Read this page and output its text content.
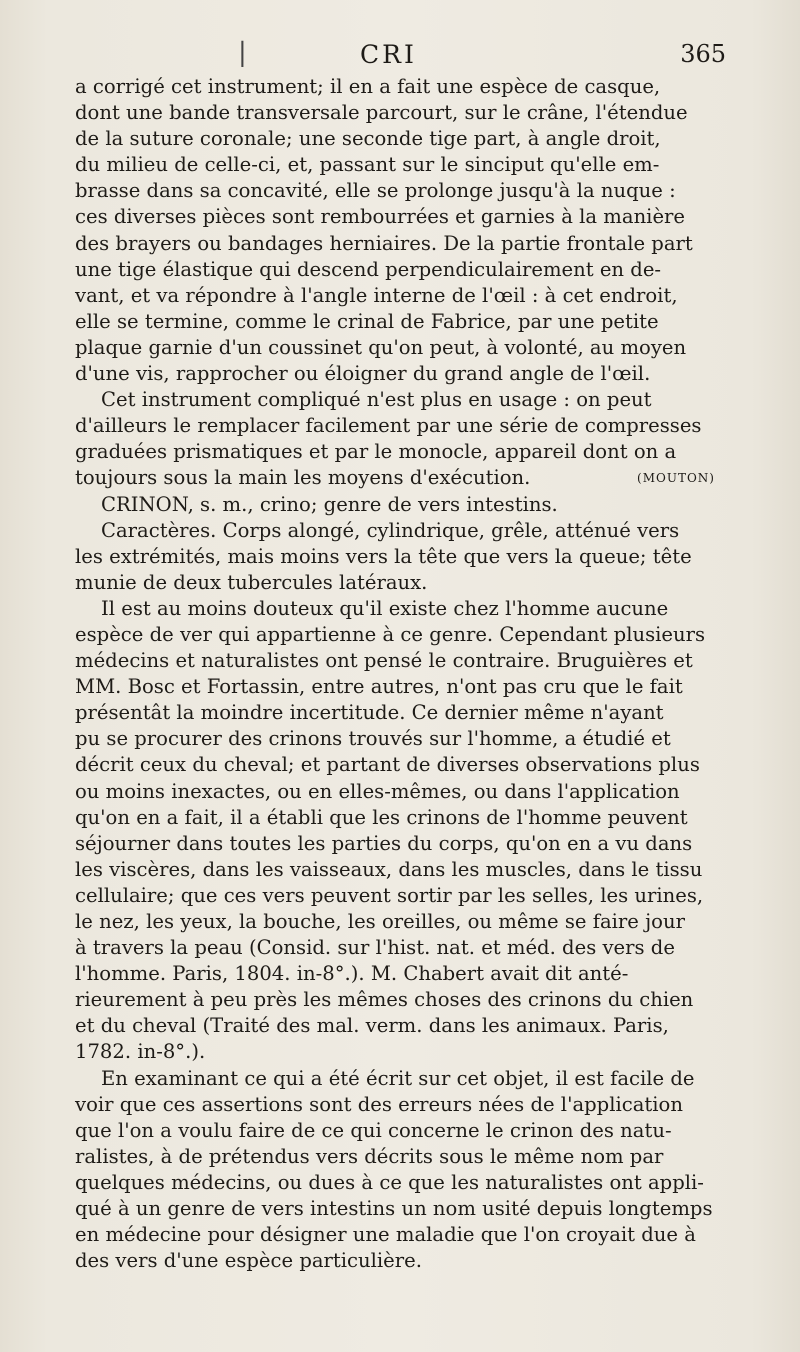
|	CRI	365
a corrigé cet instrument; il en a fait une espèce de casque,
dont une bande transversale parcourt, sur le crâne, l'étendue
de la suture coronale; une seconde tige part, à angle droit,
du milieu de celle-ci, et, passant sur le sinciput qu'elle em-
brasse dans sa concavité, elle se prolonge jusqu'à la nuque :
ces diverses pièces sont rembourrées et garnies à la manière
des brayers ou bandages herniaires. De la partie frontale part
une tige élastique qui descend perpendiculairement en de-
vant, et va répondre à l'angle interne de l'œil : à cet endroit,
elle se termine, comme le crinal de Fabrice, par une petite
plaque garnie d'un coussinet qu'on peut, à volonté, au moyen
d'une vis, rapprocher ou éloigner du grand angle de l'œil.
Cet instrument compliqué n'est plus en usage : on peut
d'ailleurs le remplacer facilement par une série de compresses
graduées prismatiques et par le monocle, appareil dont on a
toujours sous la main les moyens d'exécution.	(MOUTON)
CRINON, s. m., crino; genre de vers intestins.
Caractères. Corps alongé, cylindrique, grêle, atténué vers
les extrémités, mais moins vers la tête que vers la queue; tête
munie de deux tubercules latéraux.
Il est au moins douteux qu'il existe chez l'homme aucune
espèce de ver qui appartienne à ce genre. Cependant plusieurs
médecins et naturalistes ont pensé le contraire. Bruguières et
MM. Bosc et Fortassin, entre autres, n'ont pas cru que le fait
présentât la moindre incertitude. Ce dernier même n'ayant
pu se procurer des crinons trouvés sur l'homme, a étudié et
décrit ceux du cheval; et partant de diverses observations plus
ou moins inexactes, ou en elles-mêmes, ou dans l'application
qu'on en a fait, il a établi que les crinons de l'homme peuvent
séjourner dans toutes les parties du corps, qu'on en a vu dans
les viscères, dans les vaisseaux, dans les muscles, dans le tissu
cellulaire; que ces vers peuvent sortir par les selles, les urines,
le nez, les yeux, la bouche, les oreilles, ou même se faire jour
à travers la peau (Consid. sur l'hist. nat. et méd. des vers de
l'homme. Paris, 1804. in-8°.). M. Chabert avait dit anté-
rieurement à peu près les mêmes choses des crinons du chien
et du cheval (Traité des mal. verm. dans les animaux. Paris,
1782. in-8°.).
En examinant ce qui a été écrit sur cet objet, il est facile de
voir que ces assertions sont des erreurs nées de l'application
que l'on a voulu faire de ce qui concerne le crinon des natu-
ralistes, à de prétendus vers décrits sous le même nom par
quelques médecins, ou dues à ce que les naturalistes ont appli-
qué à un genre de vers intestins un nom usité depuis longtemps
en médecine pour désigner une maladie que l'on croyait due à
des vers d'une espèce particulière.
